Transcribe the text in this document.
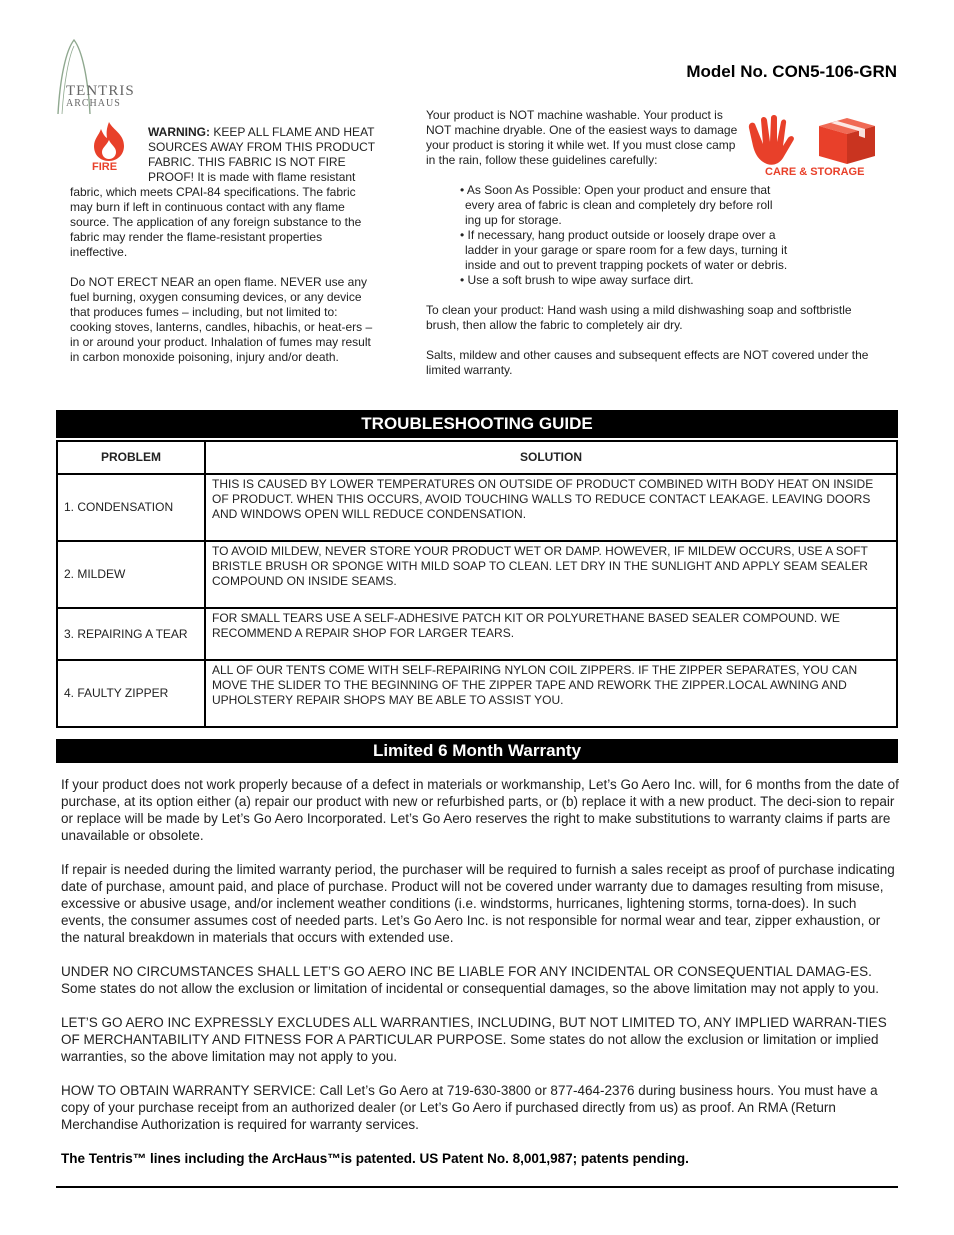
TENTRIS
ARCHAUS
Model No. CON5-106-GRN
FIRE

WARNING: KEEP ALL FLAME AND HEAT SOURCES AWAY FROM THIS PRODUCT FABRIC. THIS FABRIC IS NOT FIRE PROOF! It is made with flame resistant fabric, which meets CPAI-84 specifications. The fabric may burn if left in continuous contact with any flame source. The application of any foreign substance to the fabric may render the flame-resistant properties ineffective.

Do NOT ERECT NEAR an open flame. NEVER use any fuel burning, oxygen consuming devices, or any device that produces fumes – including, but not limited to: cooking stoves, lanterns, candles, hibachis, or heat-ers – in or around your product. Inhalation of fumes may result in carbon monoxide poisoning, injury and/or death.

CARE & STORAGE

Your product is NOT machine washable. Your product is NOT machine dryable. One of the easiest ways to damage your product is storing it while wet. If you must close camp in the rain, follow these guidelines carefully:

• As Soon As Possible: Open your product and ensure that every area of fabric is clean and completely dry before roll ing up for storage.
• If necessary, hang product outside or loosely drape over a ladder in your garage or spare room for a few days, turning it inside and out to prevent trapping pockets of water or debris.
• Use a soft brush to wipe away surface dirt.

To clean your product: Hand wash using a mild dishwashing soap and softbristle brush, then allow the fabric to completely air dry.

Salts, mildew and other causes and subsequent effects are NOT covered under the limited warranty.

TROUBLESHOOTING GUIDE
PROBLEM	SOLUTION
1. CONDENSATION	THIS IS CAUSED BY LOWER TEMPERATURES ON OUTSIDE OF PRODUCT COMBINED WITH BODY HEAT ON INSIDE OF PRODUCT. WHEN THIS OCCURS, AVOID TOUCHING WALLS TO REDUCE CONTACT LEAKAGE. LEAVING DOORS AND WINDOWS OPEN WILL REDUCE CONDENSATION.
2. MILDEW	TO AVOID MILDEW, NEVER STORE YOUR PRODUCT WET OR DAMP. HOWEVER, IF MILDEW OCCURS, USE A SOFT BRISTLE BRUSH OR SPONGE WITH MILD SOAP TO CLEAN. LET DRY IN THE SUNLIGHT AND APPLY SEAM SEALER COMPOUND ON INSIDE SEAMS.
3. REPAIRING A TEAR	FOR SMALL TEARS USE A SELF-ADHESIVE PATCH KIT OR POLYURETHANE BASED SEALER COMPOUND. WE RECOMMEND A REPAIR SHOP FOR LARGER TEARS.
4. FAULTY ZIPPER	ALL OF OUR TENTS COME WITH SELF-REPAIRING NYLON COIL ZIPPERS. IF THE ZIPPER SEPARATES, YOU CAN MOVE THE SLIDER TO THE BEGINNING OF THE ZIPPER TAPE AND REWORK THE ZIPPER.LOCAL AWNING AND UPHOLSTERY REPAIR SHOPS MAY BE ABLE TO ASSIST YOU.
Limited 6 Month Warranty

If your product does not work properly because of a defect in materials or workmanship, Let’s Go Aero Inc. will, for 6 months from the date of purchase, at its option either (a) repair our product with new or refurbished parts, or (b) replace it with a new product. The deci-sion to repair or replace will be made by Let’s Go Aero Incorporated. Let’s Go Aero reserves the right to make substitutions to warranty claims if parts are unavailable or obsolete.

If repair is needed during the limited warranty period, the purchaser will be required to furnish a sales receipt as proof of purchase indicating date of purchase, amount paid, and place of purchase. Product will not be covered under warranty due to damages resulting from misuse, excessive or abusive usage, and/or inclement weather conditions (i.e. windstorms, hurricanes, lightening storms, torna-does). In such events, the consumer assumes cost of needed parts. Let’s Go Aero Inc. is not responsible for normal wear and tear, zipper exhaustion, or the natural breakdown in materials that occurs with extended use.

UNDER NO CIRCUMSTANCES SHALL LET’S GO AERO INC BE LIABLE FOR ANY INCIDENTAL OR CONSEQUENTIAL DAMAG-ES. Some states do not allow the exclusion or limitation of incidental or consequential damages, so the above limitation may not apply to you.

LET’S GO AERO INC EXPRESSLY EXCLUDES ALL WARRANTIES, INCLUDING, BUT NOT LIMITED TO, ANY IMPLIED WARRAN-TIES OF MERCHANTABILITY AND FITNESS FOR A PARTICULAR PURPOSE. Some states do not allow the exclusion or limitation or implied warranties, so the above limitation may not apply to you.

HOW TO OBTAIN WARRANTY SERVICE: Call Let’s Go Aero at 719-630-3800 or 877-464-2376 during business hours. You must have a copy of your purchase receipt from an authorized dealer (or Let’s Go Aero if purchased directly from us) as proof. An RMA (Return Merchandise Authorization is required for warranty services.

The Tentris™ lines including the ArcHaus™is patented. US Patent No. 8,001,987; patents pending.
